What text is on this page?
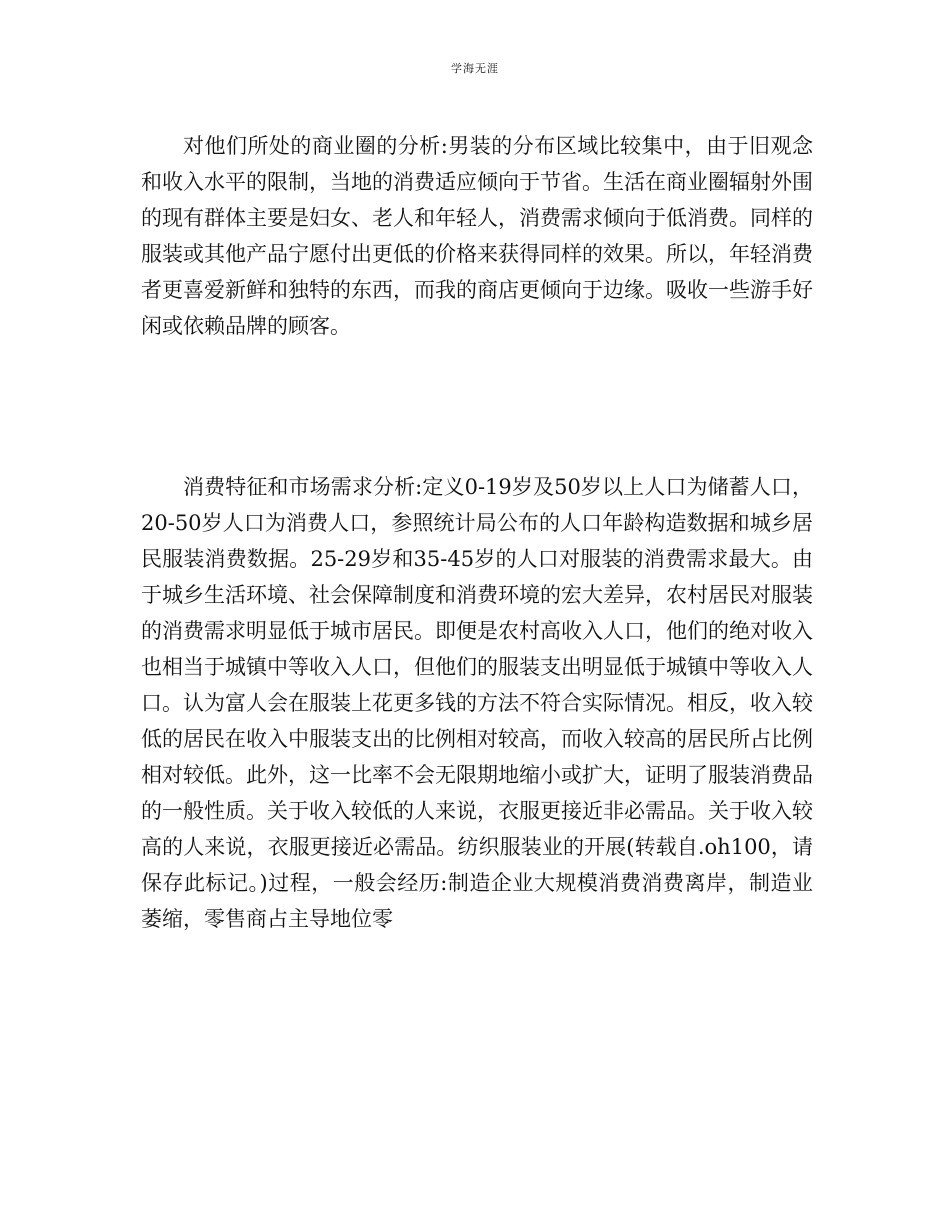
学海无涯

对他们所处的商业圈的分析:男装的分布区域比较集中，由于旧观念和收入水平的限制，当地的消费适应倾向于节省。生活在商业圈辐射外围的现有群体主要是妇女、老人和年轻人，消费需求倾向于低消费。同样的服装或其他产品宁愿付出更低的价格来获得同样的效果。所以，年轻消费者更喜爱新鲜和独特的东西，而我的商店更倾向于边缘。吸收一些游手好闲或依赖品牌的顾客。

消费特征和市场需求分析:定义0-19岁及50岁以上人口为储蓄人口，20-50岁人口为消费人口，参照统计局公布的人口年龄构造数据和城乡居民服装消费数据。25-29岁和35-45岁的人口对服装的消费需求最大。由于城乡生活环境、社会保障制度和消费环境的宏大差异，农村居民对服装的消费需求明显低于城市居民。即便是农村高收入人口，他们的绝对收入也相当于城镇中等收入人口，但他们的服装支出明显低于城镇中等收入人口。认为富人会在服装上花更多钱的方法不符合实际情况。相反，收入较低的居民在收入中服装支出的比例相对较高，而收入较高的居民所占比例相对较低。此外，这一比率不会无限期地缩小或扩大，证明了服装消费品的一般性质。关于收入较低的人来说，衣服更接近非必需品。关于收入较高的人来说，衣服更接近必需品。纺织服装业的开展(转载自.oh100，请保存此标记。)过程，一般会经历:制造企业大规模消费消费离岸，制造业萎缩，零售商占主导地位零
